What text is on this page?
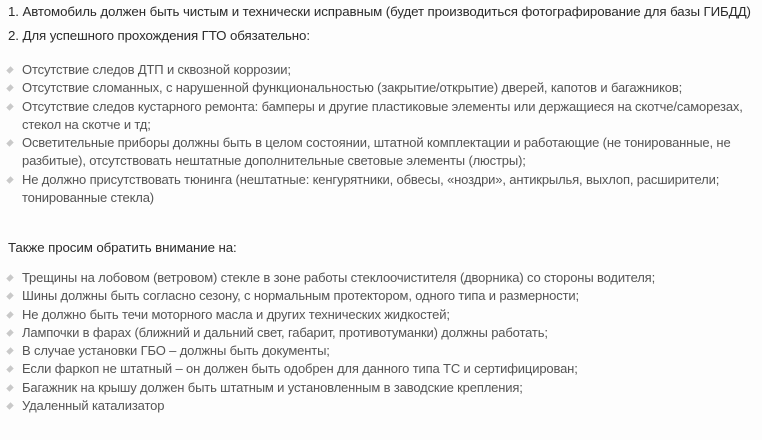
1. Автомобиль должен быть чистым и технически исправным (будет производиться фотографирование для базы ГИБДД)
2. Для успешного прохождения ГТО обязательно:
Отсутствие следов ДТП и сквозной коррозии;
Отсутствие сломанных, с нарушенной функциональностью (закрытие/открытие) дверей, капотов и багажников;
Отсутствие следов кустарного ремонта: бамперы и другие пластиковые элементы или держащиеся на скотче/саморезах, стекол на скотче и тд;
Осветительные приборы должны быть в целом состоянии, штатной комплектации и работающие (не тонированные, не разбитые), отсутствовать нештатные дополнительные световые элементы (люстры);
Не должно присутствовать тюнинга (нештатные: кенгурятники, обвесы, «ноздри», антикрылья, выхлоп, расширители; тонированные стекла)
Также просим обратить внимание на:
Трещины на лобовом (ветровом) стекле в зоне работы стеклоочистителя (дворника) со стороны водителя;
Шины должны быть согласно сезону, с нормальным протектором, одного типа и размерности;
Не должно быть течи моторного масла и других технических жидкостей;
Лампочки в фарах (ближний и дальний свет, габарит, противотуманки) должны работать;
В случае установки ГБО – должны быть документы;
Если фаркоп не штатный – он должен быть одобрен для данного типа ТС и сертифицирован;
Багажник на крышу должен быть штатным и установленным в заводские крепления;
Удаленный катализатор
